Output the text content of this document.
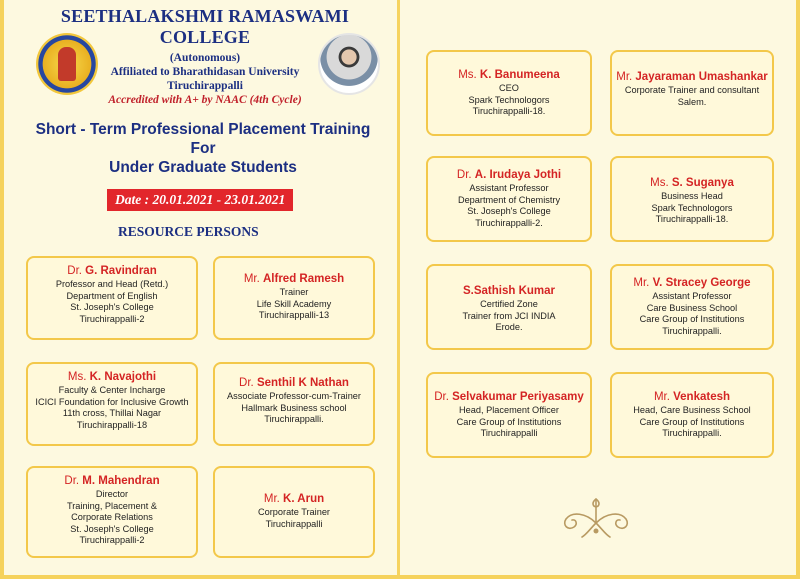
SEETHALAKSHMI RAMASWAMI COLLEGE
(Autonomous)
Affiliated to Bharathidasan University
Tiruchirappalli
Accredited with A+ by NAAC (4th Cycle)
Short - Term Professional Placement Training
For
Under Graduate Students
Date : 20.01.2021 - 23.01.2021
RESOURCE PERSONS
Dr. G. Ravindran
Professor and Head (Retd.)
Department of English
St. Joseph's College
Tiruchirappalli-2
Mr. Alfred Ramesh
Trainer
Life Skill Academy
Tiruchirappalli-13
Ms. K. Navajothi
Faculty & Center Incharge
ICICI Foundation for Inclusive Growth
11th cross, Thillai Nagar
Tiruchirappalli-18
Dr. Senthil K Nathan
Associate Professor-cum-Trainer
Hallmark Business school
Tiruchirappalli.
Dr. M. Mahendran
Director
Training, Placement &
Corporate Relations
St. Joseph's College
Tiruchirappalli-2
Mr. K. Arun
Corporate Trainer
Tiruchirappalli
Ms. K. Banumeena
CEO
Spark Technologors
Tiruchirappalli-18.
Mr. Jayaraman Umashankar
Corporate Trainer and consultant
Salem.
Dr. A. Irudaya Jothi
Assistant Professor
Department of Chemistry
St. Joseph's College
Tiruchirappalli-2.
Ms. S. Suganya
Business Head
Spark Technologors
Tiruchirappalli-18.
S.Sathish Kumar
Certified Zone
Trainer from JCI INDIA
Erode.
Mr. V. Stracey George
Assistant Professor
Care Business School
Care Group of Institutions
Tiruchirappalli.
Dr. Selvakumar Periyasamy
Head, Placement Officer
Care Group of Institutions
Tiruchirappalli
Mr. Venkatesh
Head, Care Business School
Care Group of Institutions
Tiruchirappalli.
